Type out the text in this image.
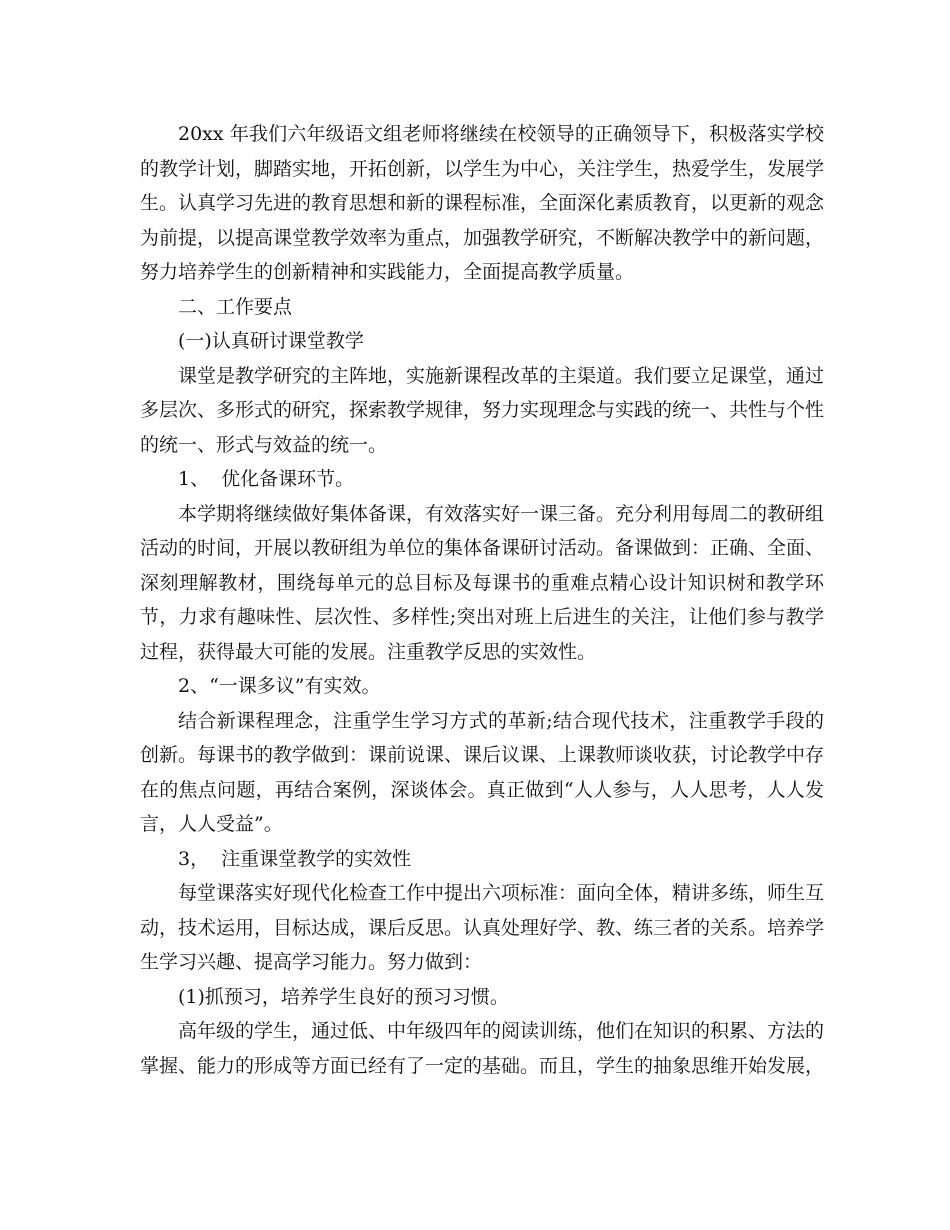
20xx 年我们六年级语文组老师将继续在校领导的正确领导下，积极落实学校的教学计划，脚踏实地，开拓创新，以学生为中心，关注学生，热爱学生，发展学生。认真学习先进的教育思想和新的课程标准，全面深化素质教育，以更新的观念为前提，以提高课堂教学效率为重点，加强教学研究，不断解决教学中的新问题，努力培养学生的创新精神和实践能力，全面提高教学质量。

二、工作要点

(一)认真研讨课堂教学

课堂是教学研究的主阵地，实施新课程改革的主渠道。我们要立足课堂，通过多层次、多形式的研究，探索教学规律，努力实现理念与实践的统一、共性与个性的统一、形式与效益的统一。

1、  优化备课环节。

本学期将继续做好集体备课，有效落实好一课三备。充分利用每周二的教研组活动的时间，开展以教研组为单位的集体备课研讨活动。备课做到：正确、全面、深刻理解教材，围绕每单元的总目标及每课书的重难点精心设计知识树和教学环节，力求有趣味性、层次性、多样性;突出对班上后进生的关注，让他们参与教学过程，获得最大可能的发展。注重教学反思的实效性。

2、“一课多议”有实效。

结合新课程理念，注重学生学习方式的革新;结合现代技术，注重教学手段的创新。每课书的教学做到：课前说课、课后议课、上课教师谈收获，讨论教学中存在的焦点问题，再结合案例，深谈体会。真正做到“人人参与，人人思考，人人发言，人人受益”。

3，  注重课堂教学的实效性

每堂课落实好现代化检查工作中提出六项标准：面向全体，精讲多练，师生互动，技术运用，目标达成，课后反思。认真处理好学、教、练三者的关系。培养学生学习兴趣、提高学习能力。努力做到：

(1)抓预习，培养学生良好的预习习惯。

高年级的学生，通过低、中年级四年的阅读训练，他们在知识的积累、方法的掌握、能力的形成等方面已经有了一定的基础。而且，学生的抽象思维开始发展，
